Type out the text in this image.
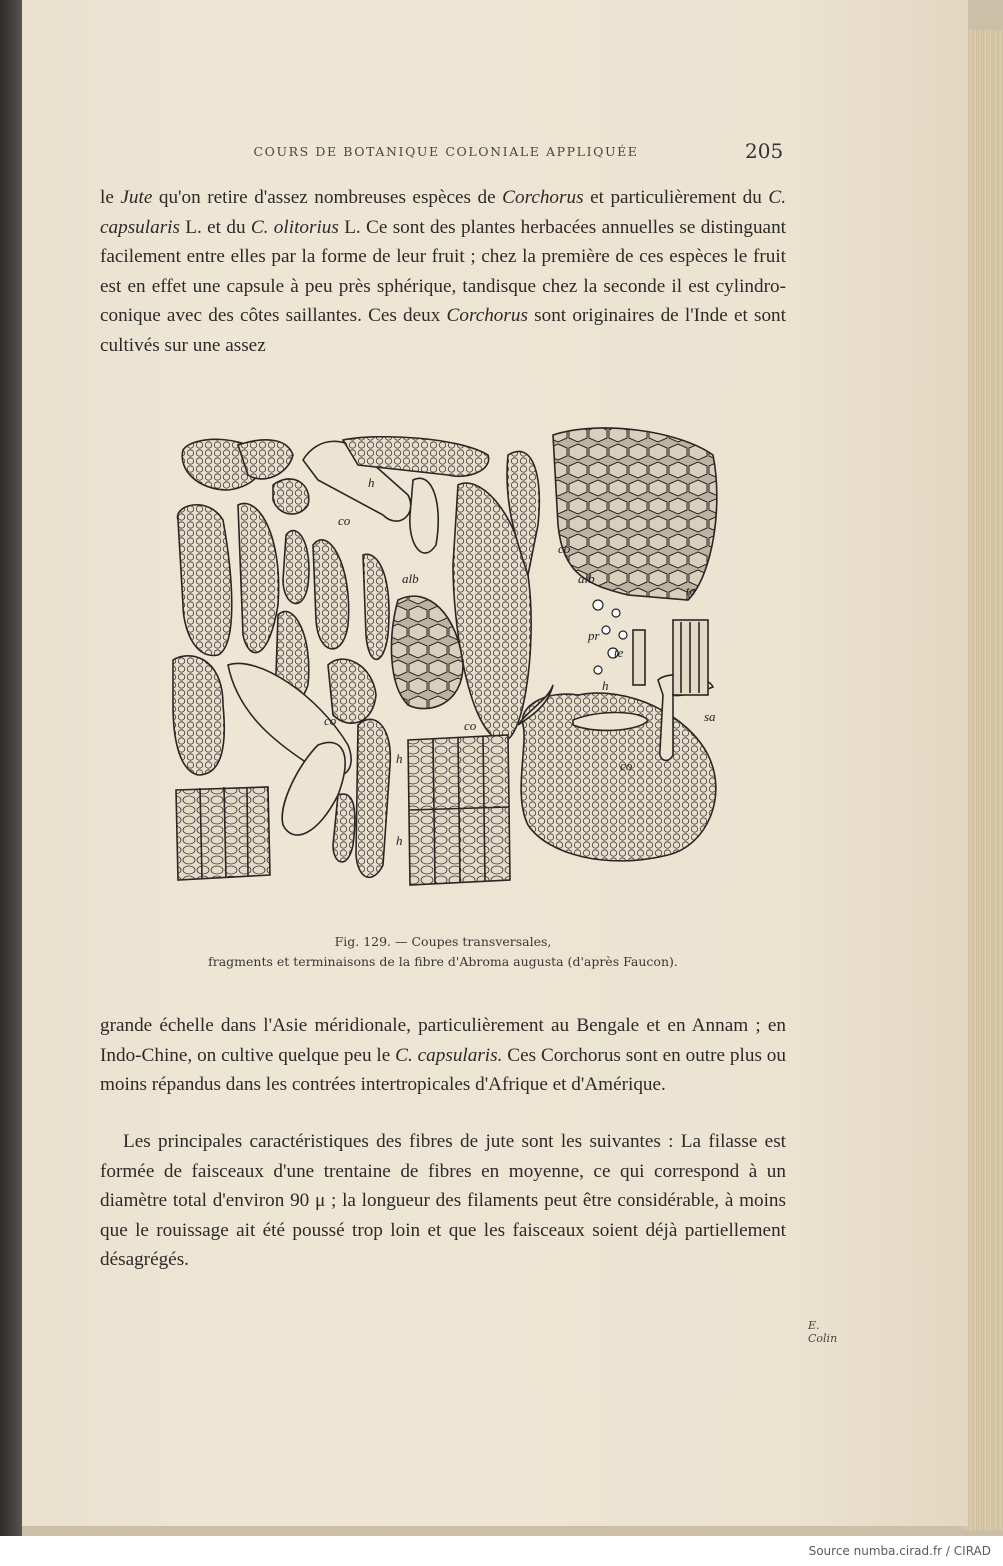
COURS DE BOTANIQUE COLONIALE APPLIQUÉE	205

le Jute qu'on retire d'assez nombreuses espèces de Corchorus et particulièrement du C. capsularis L. et du C. olitorius L. Ce sont des plantes herbacées annuelles se distinguant facilement entre elles par la forme de leur fruit ; chez la première de ces espèces le fruit est en effet une capsule à peu près sphérique, tandisque chez la seconde il est cylindro-conique avec des côtes saillantes. Ces deux Corchorus sont originaires de l'Inde et sont cultivés sur une assez

h
co
co
alb	alb
te
pr
te
h
sa
co	co
co
h
h
E. Colin
Fig. 129. — Coupes transversales,
fragments et terminaisons de la fibre d'Abroma augusta (d'après Faucon).

grande échelle dans l'Asie méridionale, particulièrement au Bengale et en Annam ; en Indo-Chine, on cultive quelque peu le C. capsularis. Ces Corchorus sont en outre plus ou moins répandus dans les contrées intertropicales d'Afrique et d'Amérique.

Les principales caractéristiques des fibres de jute sont les suivantes : La filasse est formée de faisceaux d'une trentaine de fibres en moyenne, ce qui correspond à un diamètre total d'environ 90 μ ; la longueur des filaments peut être considérable, à moins que le rouissage ait été poussé trop loin et que les faisceaux soient déjà partiellement désagrégés.

Source numba.cirad.fr / CIRAD
